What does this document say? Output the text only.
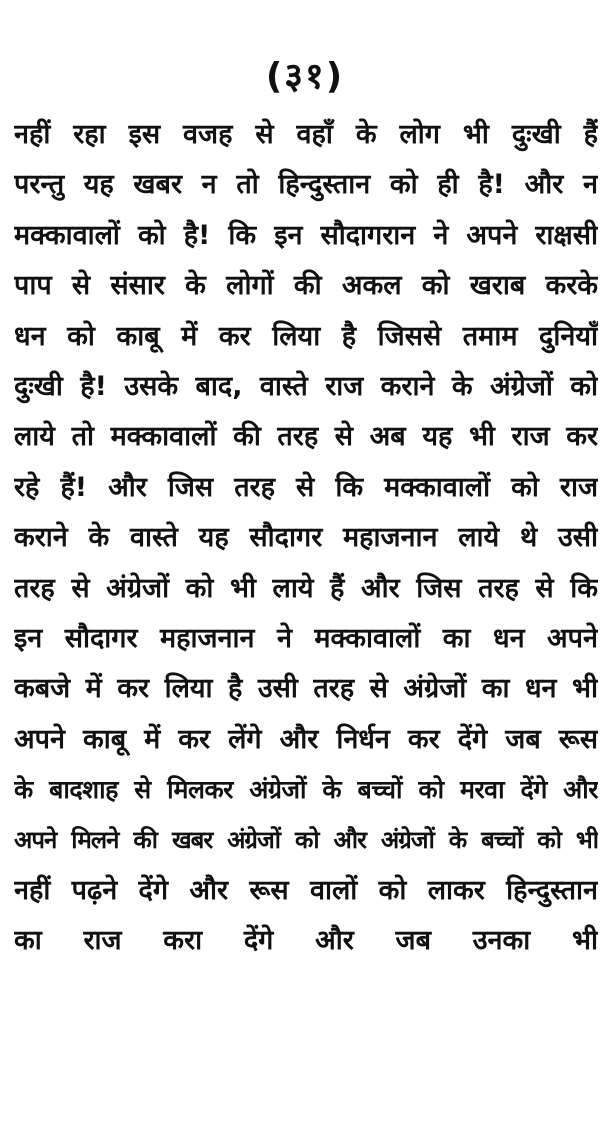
(३१)
नहीं रहा इस वजह से वहाँ के लोग भी दुःखी हैं
परन्तु यह खबर न तो हिन्दुस्तान को ही है! और न
मक्कावालों को है! कि इन सौदागरान ने अपने राक्षसी
पाप से संसार के लोगों की अकल को खराब करके
धन को काबू में कर लिया है जिससे तमाम दुनियाँ
दुःखी है! उसके बाद, वास्ते राज कराने के अंग्रेजों को
लाये तो मक्कावालों की तरह से अब यह भी राज कर
रहे हैं! और जिस तरह से कि मक्कावालों को राज
कराने के वास्ते यह सौदागर महाजनान लाये थे उसी
तरह से अंग्रेजों को भी लाये हैं और जिस तरह से कि
इन सौदागर महाजनान ने मक्कावालों का धन अपने
कबजे में कर लिया है उसी तरह से अंग्रेजों का धन भी
अपने काबू में कर लेंगे और निर्धन कर देंगे जब रूस
के बादशाह से मिलकर अंग्रेजों के बच्चों को मरवा देंगे और
अपने मिलने की खबर अंग्रेजों को और अंग्रेजों के बच्चों को भी
नहीं पढ़ने देंगे और रूस वालों को लाकर हिन्दुस्तान
का राज करा देंगे और जब उनका भी
